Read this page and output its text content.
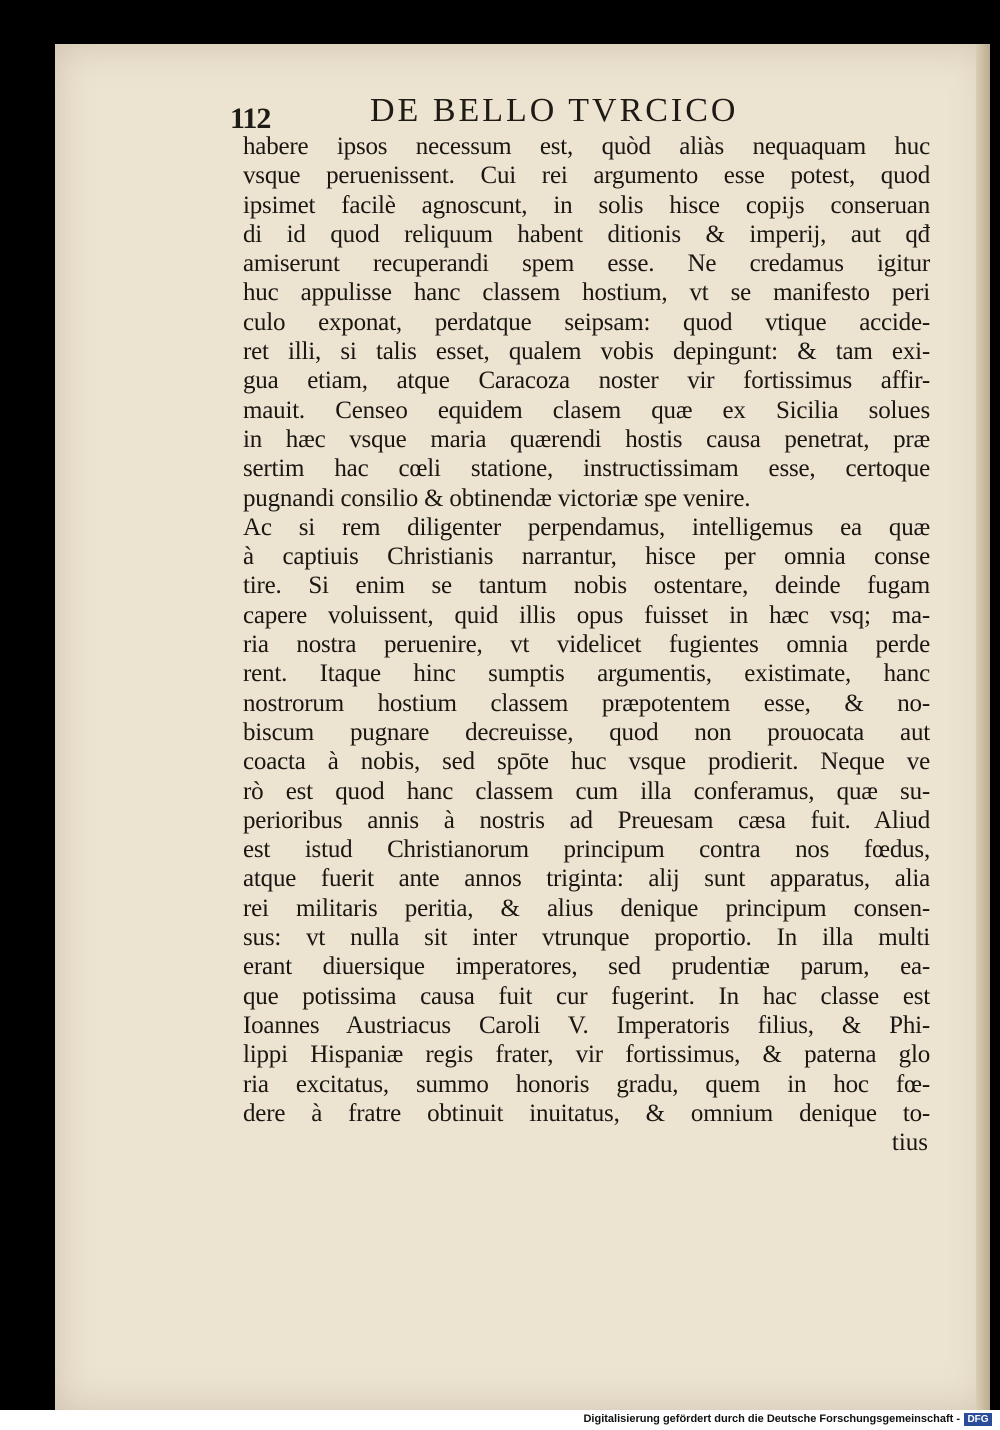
112	DE BELLO TVRCICO
habere ipsos necessum est, quòd aliàs nequaquam huc
vsque peruenissent. Cui rei argumento esse potest, quod
ipsimet facilè agnoscunt, in solis hisce copijs conseruan
di id quod reliquum habent ditionis & imperij, aut qđ
amiserunt recuperandi spem esse. Ne credamus igitur
huc appulisse hanc classem hostium, vt se manifesto peri
culo exponat, perdatque seipsam: quod vtique accide-
ret illi, si talis esset, qualem vobis depingunt: & tam exi-
gua etiam, atque Caracoza noster vir fortissimus affir-
mauit. Censeo equidem clasem quæ ex Sicilia solues
in hæc vsque maria quærendi hostis causa penetrat, præ
sertim hac cœli statione, instructissimam esse, certoque
pugnandi consilio & obtinendæ victoriæ spe venire.
Ac si rem diligenter perpendamus, intelligemus ea quæ
à captiuis Christianis narrantur, hisce per omnia conse
tire. Si enim se tantum nobis ostentare, deinde fugam
capere voluissent, quid illis opus fuisset in hæc vsq; ma-
ria nostra peruenire, vt videlicet fugientes omnia perde
rent. Itaque hinc sumptis argumentis, existimate, hanc
nostrorum hostium classem præpotentem esse, & no-
biscum pugnare decreuisse, quod non prouocata aut
coacta à nobis, sed spōte huc vsque prodierit. Neque ve
rò est quod hanc classem cum illa conferamus, quæ su-
perioribus annis à nostris ad Preuesam cæsa fuit. Aliud
est istud Christianorum principum contra nos fœdus,
atque fuerit ante annos triginta: alij sunt apparatus, alia
rei militaris peritia, & alius denique principum consen-
sus: vt nulla sit inter vtrunque proportio. In illa multi
erant diuersique imperatores, sed prudentiæ parum, ea-
que potissima causa fuit cur fugerint. In hac classe est
Ioannes Austriacus Caroli V. Imperatoris filius, & Phi-
lippi Hispaniæ regis frater, vir fortissimus, & paterna glo
ria excitatus, summo honoris gradu, quem in hoc fœ-
dere à fratre obtinuit inuitatus, & omnium denique to-
tius
Digitalisierung gefördert durch die Deutsche Forschungsgemeinschaft - DFG
